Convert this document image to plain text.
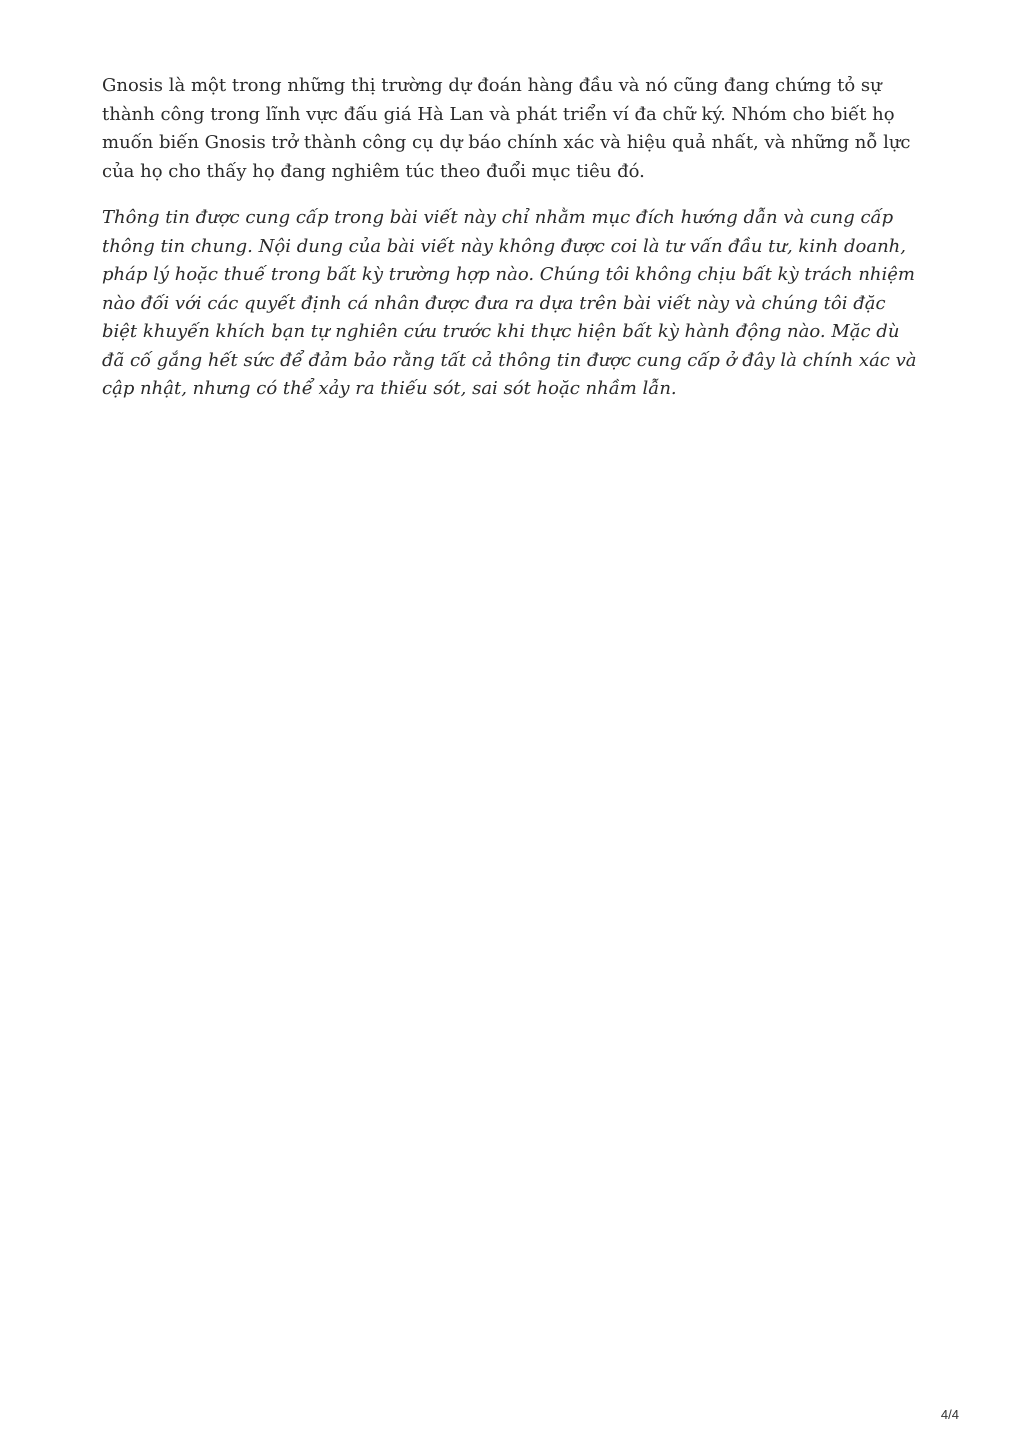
Gnosis là một trong những thị trường dự đoán hàng đầu và nó cũng đang chứng tỏ sự thành công trong lĩnh vực đấu giá Hà Lan và phát triển ví đa chữ ký. Nhóm cho biết họ muốn biến Gnosis trở thành công cụ dự báo chính xác và hiệu quả nhất, và những nỗ lực của họ cho thấy họ đang nghiêm túc theo đuổi mục tiêu đó.

Thông tin được cung cấp trong bài viết này chỉ nhằm mục đích hướng dẫn và cung cấp thông tin chung. Nội dung của bài viết này không được coi là tư vấn đầu tư, kinh doanh, pháp lý hoặc thuế trong bất kỳ trường hợp nào. Chúng tôi không chịu bất kỳ trách nhiệm nào đối với các quyết định cá nhân được đưa ra dựa trên bài viết này và chúng tôi đặc biệt khuyến khích bạn tự nghiên cứu trước khi thực hiện bất kỳ hành động nào. Mặc dù đã cố gắng hết sức để đảm bảo rằng tất cả thông tin được cung cấp ở đây là chính xác và cập nhật, nhưng có thể xảy ra thiếu sót, sai sót hoặc nhầm lẫn.

4/4
